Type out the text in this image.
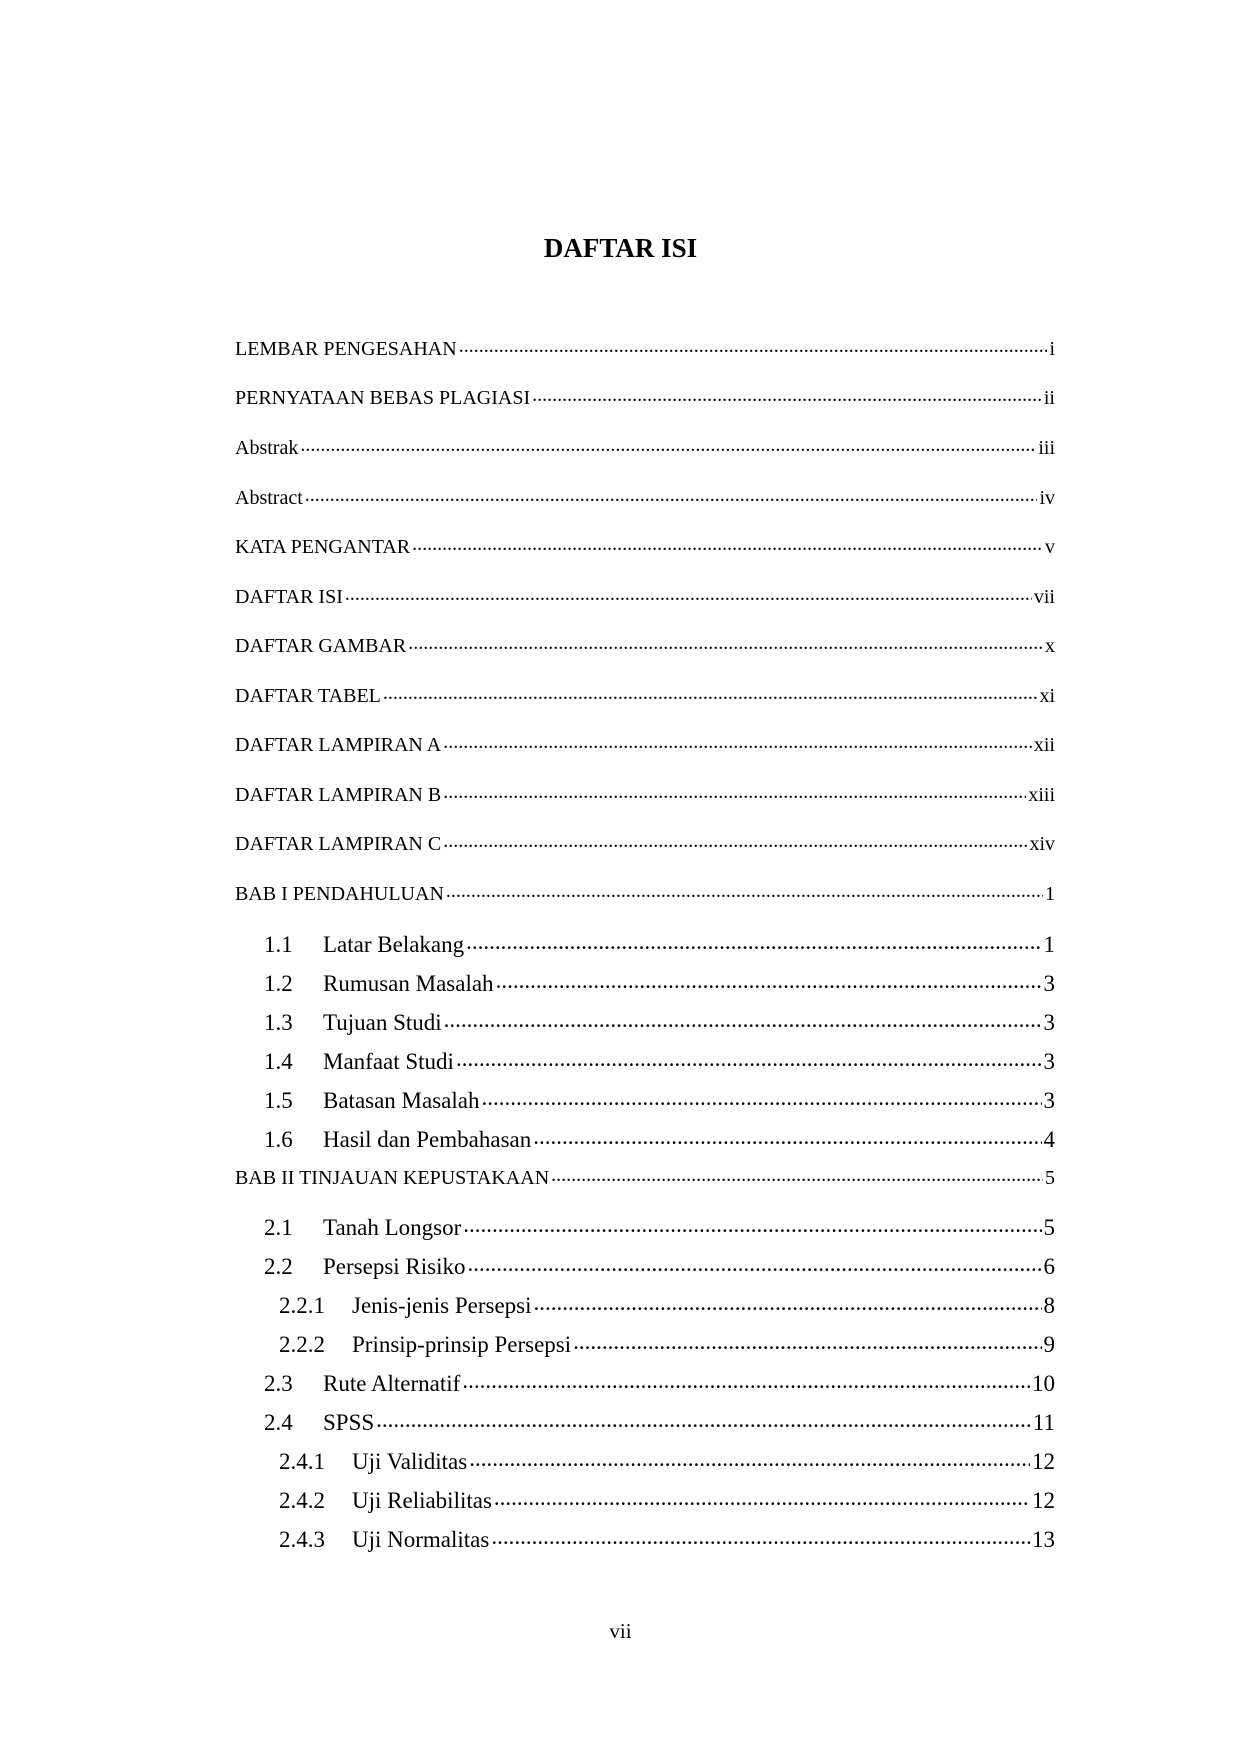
DAFTAR ISI
LEMBAR PENGESAHAN .....	i
PERNYATAAN BEBAS PLAGIASI .....	ii
Abstrak .....	iii
Abstract .....	iv
KATA PENGANTAR .....	v
DAFTAR ISI .....	vii
DAFTAR GAMBAR .....	x
DAFTAR TABEL .....	xi
DAFTAR LAMPIRAN A .....	xii
DAFTAR LAMPIRAN B .....	xiii
DAFTAR LAMPIRAN C .....	xiv
BAB I PENDAHULUAN .....	1
1.1	Latar Belakang .....	1
1.2	Rumusan Masalah .....	3
1.3	Tujuan Studi .....	3
1.4	Manfaat Studi .....	3
1.5	Batasan Masalah .....	3
1.6	Hasil dan Pembahasan .....	4
BAB II TINJAUAN KEPUSTAKAAN .....	5
2.1	Tanah Longsor .....	5
2.2	Persepsi Risiko .....	6
2.2.1	Jenis-jenis Persepsi .....	8
2.2.2	Prinsip-prinsip Persepsi .....	9
2.3	Rute Alternatif .....	10
2.4	SPSS .....	11
2.4.1	Uji Validitas .....	12
2.4.2	Uji Reliabilitas .....	12
2.4.3	Uji Normalitas .....	13
vii
